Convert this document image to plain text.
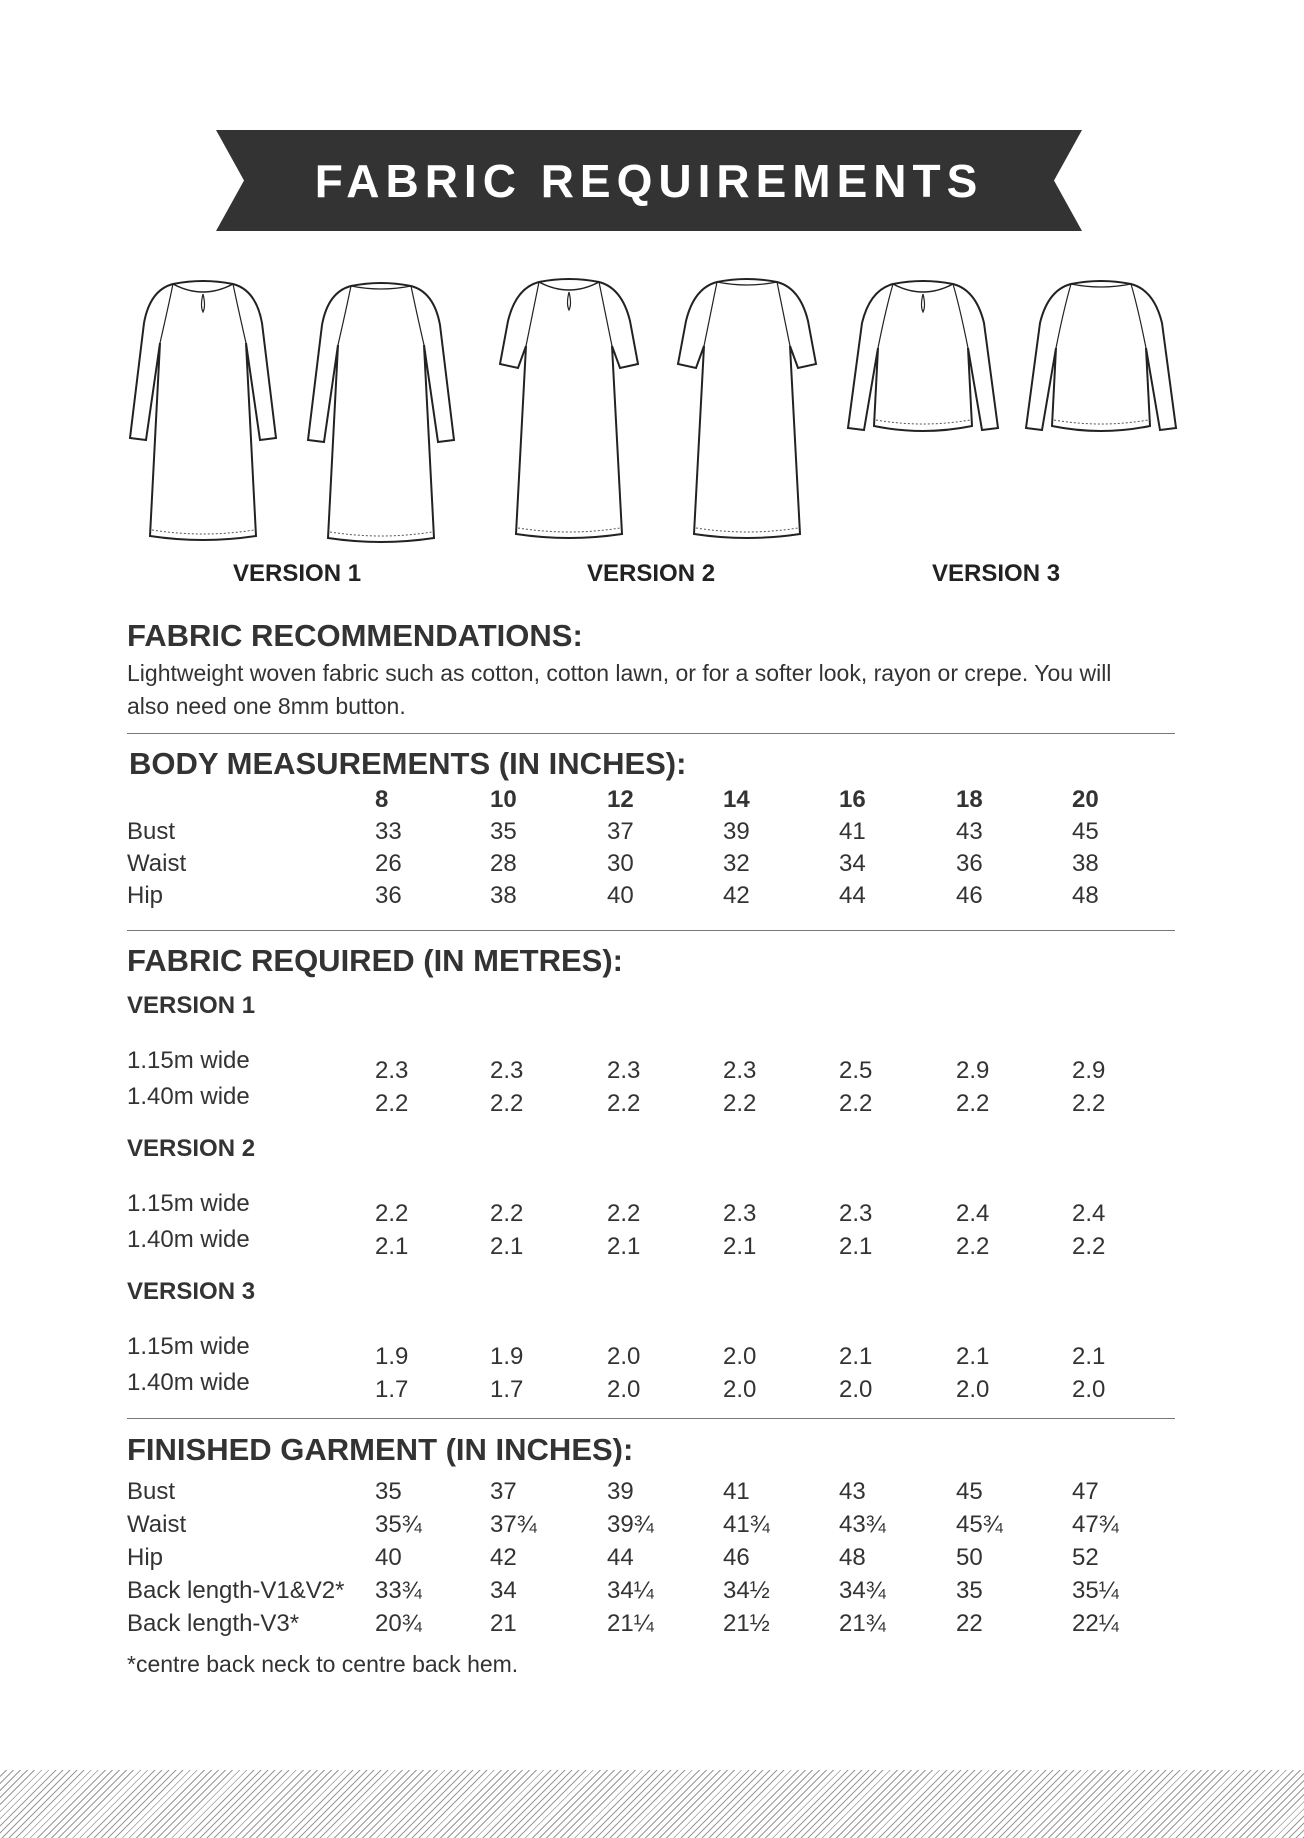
FABRIC REQUIREMENTS
VERSION 1	VERSION 2	VERSION 3
FABRIC RECOMMENDATIONS:
Lightweight woven fabric such as cotton, cotton lawn, or for a softer look, rayon or crepe. You will
also need one 8mm button.
BODY MEASUREMENTS (IN INCHES):
FABRIC REQUIRED (IN METRES):
FINISHED GARMENT (IN INCHES):
*centre back neck to centre back hem.
8	10	12	14	16	18	20
Bust	33	35	37	39	41	43	45
Waist	26	28	30	32	34	36	38
Hip	36	38	40	42	44	46	48
VERSION 1
1.15m wide	2.3	2.3	2.3	2.3	2.5	2.9	2.9
1.40m wide	2.2	2.2	2.2	2.2	2.2	2.2	2.2
VERSION 2
1.15m wide	2.2	2.2	2.2	2.3	2.3	2.4	2.4
1.40m wide	2.1	2.1	2.1	2.1	2.1	2.2	2.2
VERSION 3
1.15m wide	1.9	1.9	2.0	2.0	2.1	2.1	2.1
1.40m wide	1.7	1.7	2.0	2.0	2.0	2.0	2.0
Bust	35	37	39	41	43	45	47
Waist	35¾	37¾	39¾	41¾	43¾	45¾	47¾
Hip	40	42	44	46	48	50	52
Back length-V1&V2* 33¾	34	34¼	34½	34¾	35	35¼
Back length-V3*	20¾	21	21¼	21½	21¾	22	22¼
